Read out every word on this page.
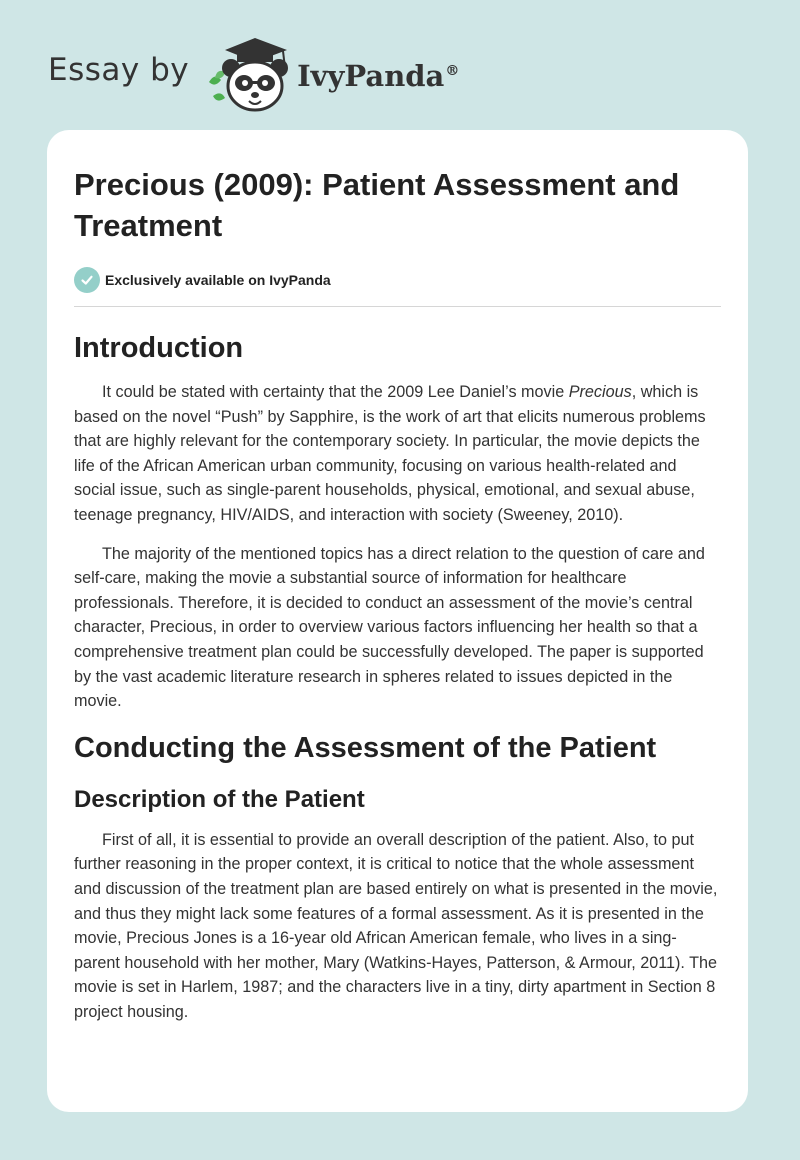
Essay by	IvyPanda®
Precious (2009): Patient Assessment and Treatment
Exclusively available on IvyPanda
Introduction

It could be stated with certainty that the 2009 Lee Daniel’s movie Precious, which is based on the novel “Push” by Sapphire, is the work of art that elicits numerous problems that are highly relevant for the contemporary society. In particular, the movie depicts the life of the African American urban community, focusing on various health-related and social issue, such as single-parent households, physical, emotional, and sexual abuse, teenage pregnancy, HIV/AIDS, and interaction with society (Sweeney, 2010).

The majority of the mentioned topics has a direct relation to the question of care and self-care, making the movie a substantial source of information for healthcare professionals. Therefore, it is decided to conduct an assessment of the movie’s central character, Precious, in order to overview various factors influencing her health so that a comprehensive treatment plan could be successfully developed. The paper is supported by the vast academic literature research in spheres related to issues depicted in the movie.

Conducting the Assessment of the Patient
Description of the Patient

First of all, it is essential to provide an overall description of the patient. Also, to put further reasoning in the proper context, it is critical to notice that the whole assessment and discussion of the treatment plan are based entirely on what is presented in the movie, and thus they might lack some features of a formal assessment. As it is presented in the movie, Precious Jones is a 16-year old African American female, who lives in a sing-parent household with her mother, Mary (Watkins-Hayes, Patterson, & Armour, 2011). The movie is set in Harlem, 1987; and the characters live in a tiny, dirty apartment in Section 8 project housing.
